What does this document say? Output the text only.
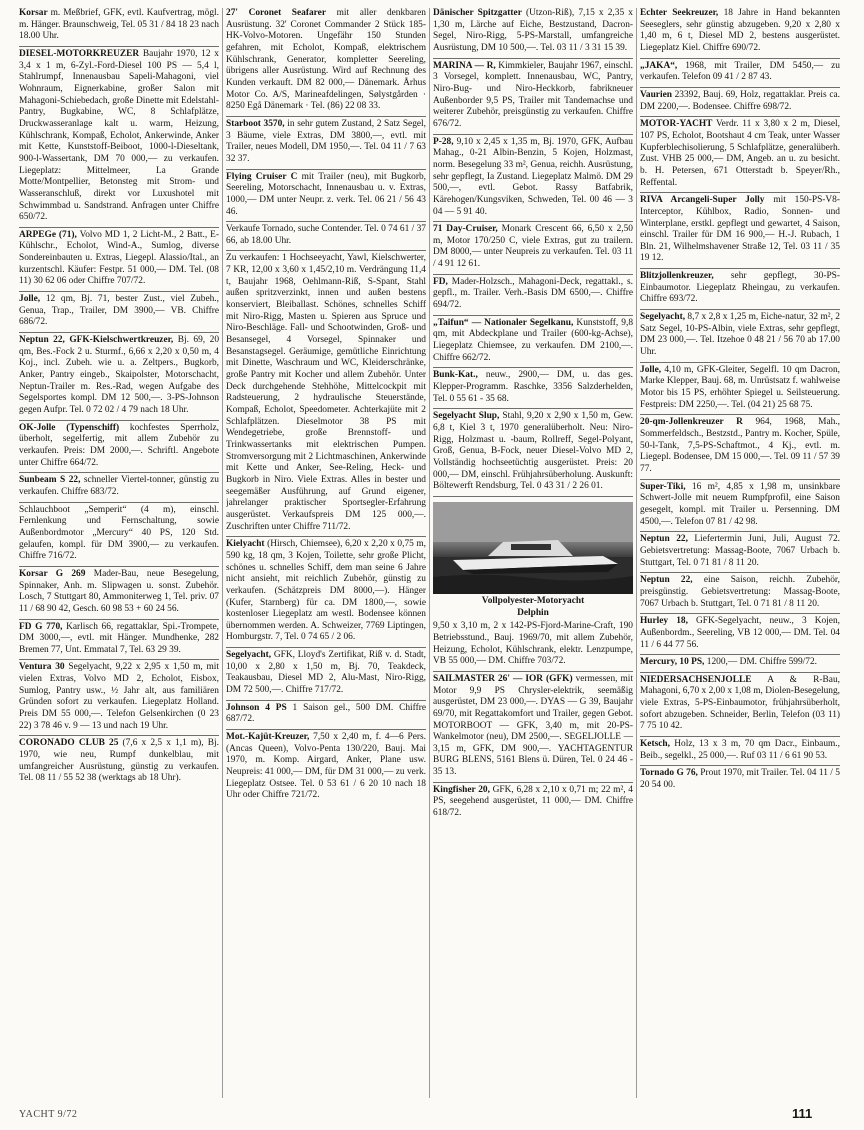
Korsar m. Meßbrief, GFK, evtl. Kaufvertrag, mögl. m. Hänger. Braunschweig, Tel. 05 31 / 84 18 23 nach 18.00 Uhr.
DIESEL-MOTORKREUZER Baujahr 1970, 12 x 3,4 x 1 m, 6-Zyl.-Ford-Diesel 100 PS — 5,4 l, Stahlrumpf, Innenausbau Sapeli-Mahagoni, viel Wohnraum, Eignerkabine, großer Salon mit Mahagoni-Schiebedach, große Dinette mit Edelstahl-Pantry, Bugkabine, WC, 8 Schlafplätze, Druckwasseranlage kalt u. warm, Heizung, Kühlschrank, Kompaß, Echolot, Ankerwinde, Anker mit Kette, Kunststoff-Beiboot, 1000-l-Dieseltank, 900-l-Wassertank, DM 70 000,— zu verkaufen. Liegeplatz: Mittelmeer, La Grande Motte/Montpellier, Betonsteg mit Strom- und Wasseranschluß, direkt vor Luxushotel mit Schwimmbad u. Sandstrand. Anfragen unter Chiffre 650/72.
ARPEGe (71), Volvo MD 1, 2 Licht-M., 2 Batt., E-Kühlschr., Echolot, Wind-A., Sumlog, diverse Sondereinbauten u. Extras, Liegepl. Alassio/Ital., an kurzentschl. Käufer: Festpr. 51 000,— DM. Tel. (08 11) 30 62 06 oder Chiffre 707/72.
Jolle, 12 qm, Bj. 71, bester Zust., viel Zubeh., Genua, Trap., Trailer, DM 3900,— VB. Chiffre 686/72.
Neptun 22, GFK-Kielschwertkreuzer, Bj. 69, 20 qm, Bes.-Fock 2 u. Sturmf., 6,66 x 2,20 x 0,50 m, 4 Koj., incl. Zubeh. wie u. a. Zeltpers., Bugkorb, Anker, Pantry eingeb., Skaipolster, Motorschacht, Neptun-Trailer m. Res.-Rad, wegen Aufgabe des Segelsportes kompl. DM 12 500,—. 3-PS-Johnson gegen Aufpr. Tel. 0 72 02 / 4 79 nach 18 Uhr.
OK-Jolle (Typenschiff) kochfestes Sperrholz, überholt, segelfertig, mit allem Zubehör zu verkaufen. Preis: DM 2000,—. Schriftl. Angebote unter Chiffre 664/72.
Sunbeam S 22, schneller Viertel-tonner, günstig zu verkaufen. Chiffre 683/72.
Schlauchboot „Semperit“ (4 m), einschl. Fernlenkung und Fernschaltung, sowie Außenbordmotor „Mercury“ 40 PS, 120 Std. gelaufen, kompl. für DM 3900,— zu verkaufen. Chiffre 716/72.
Korsar G 269 Mader-Bau, neue Besegelung, Spinnaker, Anh. m. Slipwagen u. sonst. Zubehör. Losch, 7 Stuttgart 80, Ammoniterweg 1, Tel. priv. 07 11 / 68 90 42, Gesch. 60 98 53 + 60 24 56.
FD G 770, Karlisch 66, regattaklar, Spi.-Trompete, DM 3000,—, evtl. mit Hänger. Mundhenke, 282 Bremen 77, Unt. Emmatal 7, Tel. 63 29 39.
Ventura 30 Segelyacht, 9,22 x 2,95 x 1,50 m, mit vielen Extras, Volvo MD 2, Echolot, Eisbox, Sumlog, Pantry usw., ½ Jahr alt, aus familiären Gründen sofort zu verkaufen. Liegeplatz Holland. Preis DM 55 000,—. Telefon Gelsenkirchen (0 23 22) 3 78 46 v. 9 — 13 und nach 19 Uhr.
CORONADO CLUB 25 (7,6 x 2,5 x 1,1 m), Bj. 1970, wie neu, Rumpf dunkelblau, mit umfangreicher Ausrüstung, günstig zu verkaufen. Tel. 08 11 / 55 52 38 (werktags ab 18 Uhr).
27' Coronet Seafarer mit aller denkbaren Ausrüstung. 32' Coronet Commander 2 Stück 185-HK-Volvo-Motoren. Ungefähr 150 Stunden gefahren, mit Echolot, Kompaß, elektrischem Kühlschrank, Generator, kompletter Seereling, übrigens aller Ausrüstung. Wird auf Rechnung des Kunden verkauft. DM 82 000,— Dänemark. Århus Motor Co. A/S, Marineafdelingen, Sølystgården · 8250 Egå Dänemark · Tel. (86) 22 08 33.
Starboot 3570, in sehr gutem Zustand, 2 Satz Segel, 3 Bäume, viele Extras, DM 3800,—, evtl. mit Trailer, neues Modell, DM 1950,—. Tel. 04 11 / 7 63 32 37.
Flying Cruiser C mit Trailer (neu), mit Bugkorb, Seereling, Motorschacht, Innenausbau u. v. Extras, 1000,— DM unter Neupr. z. verk. Tel. 06 21 / 56 43 46.
Verkaufe Tornado, suche Contender. Tel. 0 74 61 / 37 66, ab 18.00 Uhr.
Zu verkaufen: 1 Hochseeyacht, Yawl, Kielschwerter, 7 KR, 12,00 x 3,60 x 1,45/2,10 m. Verdrängung 11,4 t, Baujahr 1968, Oehlmann-Riß, S-Spant, Stahl außen spritzverzinkt, innen und außen bestens konserviert, Bleiballast. Schönes, schnelles Schiff mit Niro-Rigg, Masten u. Spieren aus Spruce und Niro-Beschläge. Fall- und Schootwinden, Groß- und Besansegel, 4 Vorsegel, Spinnaker und Besanstagsegel. Geräumige, gemütliche Einrichtung mit Dinette, Waschraum und WC, Kleiderschränke, große Pantry mit Kocher und allem Zubehör. Unter Deck durchgehende Stehhöhe, Mittelcockpit mit Radsteuerung, 2 hydraulische Steuerstände, Kompaß, Echolot, Speedometer. Achterkajüte mit 2 Schlafplätzen. Dieselmotor 38 PS mit Wendegetriebe, große Brennstoff- und Trinkwassertanks mit elektrischen Pumpen. Stromversorgung mit 2 Lichtmaschinen, Ankerwinde mit Kette und Anker, See-Reling, Heck- und Bugkorb in Niro. Viele Extras. Alles in bester und seegemäßer Ausführung, auf Grund eigener, jahrelanger praktischer Sportsegler-Erfahrung ausgerüstet. Verkaufspreis DM 125 000,—. Zuschriften unter Chiffre 711/72.
Kielyacht (Hirsch, Chiemsee), 6,20 x 2,20 x 0,75 m, 590 kg, 18 qm, 3 Kojen, Toilette, sehr große Plicht, schönes u. schnelles Schiff, dem man seine 6 Jahre nicht ansieht, mit reichlich Zubehör, günstig zu verkaufen. (Schätzpreis DM 8000,—). Hänger (Kufer, Starnberg) für ca. DM 1800,—, sowie kostenloser Liegeplatz am westl. Bodensee können übernommen werden. A. Schweizer, 7769 Liptingen, Homburgstr. 7, Tel. 0 74 65 / 2 06.
Segelyacht, GFK, Lloyd's Zertifikat, Riß v. d. Stadt, 10,00 x 2,80 x 1,50 m, Bj. 70, Teakdeck, Teakausbau, Diesel MD 2, Alu-Mast, Niro-Rigg, DM 72 500,—. Chiffre 717/72.
Johnson 4 PS 1 Saison gel., 500 DM. Chiffre 687/72.
Mot.-Kajüt-Kreuzer, 7,50 x 2,40 m, f. 4—6 Pers. (Ancas Queen), Volvo-Penta 130/220, Bauj. Mai 1970, m. Komp. Airgard, Anker, Plane usw. Neupreis: 41 000,— DM, für DM 31 000,— zu verk. Liegeplatz Ostsee. Tel. 0 53 61 / 6 20 10 nach 18 Uhr oder Chiffre 721/72.
Dänischer Spitzgatter (Utzon-Riß), 7,15 x 2,35 x 1,30 m, Lärche auf Eiche, Bestzustand, Dacron-Segel, Niro-Rigg, 5-PS-Marstall, umfangreiche Ausrüstung, DM 10 500,—. Tel. 03 11 / 3 31 15 39.
MARINA — R, Kimmkieler, Baujahr 1967, einschl. 3 Vorsegel, komplett. Innenausbau, WC, Pantry, Niro-Bug- und Niro-Heckkorb, fabrikneuer Außenborder 9,5 PS, Trailer mit Tandemachse und weiterer Zubehör, preisgünstig zu verkaufen. Chiffre 676/72.
P-28, 9,10 x 2,45 x 1,35 m, Bj. 1970, GFK, Aufbau Mahag., 0-21 Albin-Benzin, 5 Kojen, Holzmast, norm. Besegelung 33 m², Genua, reichh. Ausrüstung, sehr gepflegt, Ia Zustand. Liegeplatz Malmö. DM 29 500,—, evtl. Gebot. Rassy Batfabrik, Kärehogen/Kungsviken, Schweden, Tel. 00 46 — 3 04 — 5 91 40.
71 Day-Cruiser, Monark Crescent 66, 6,50 x 2,50 m, Motor 170/250 C, viele Extras, gut zu trailern. DM 8000,— unter Neupreis zu verkaufen. Tel. 03 11 / 4 91 12 61.
FD, Mader-Holzsch., Mahagoni-Deck, regattakl., s. gepfl., m. Trailer. Verh.-Basis DM 6500,—. Chiffre 694/72.
„Taifun“ — Nationaler Segelkanu, Kunststoff, 9,8 qm, mit Abdeckplane und Trailer (600-kg-Achse), Liegeplatz Chiemsee, zu verkaufen. DM 2100,—. Chiffre 662/72.
Bunk-Kat., neuw., 2900,— DM, u. das ges. Klepper-Programm. Raschke, 3356 Salzderhelden, Tel. 0 55 61 - 35 68.
Segelyacht Slup, Stahl, 9,20 x 2,90 x 1,50 m, Gew. 6,8 t, Kiel 3 t, 1970 generalüberholt. Neu: Niro-Rigg, Holzmast u. -baum, Rollreff, Segel-Polyant, Groß, Genua, B-Fock, neuer Diesel-Volvo MD 2, Vollständig hochseetüchtig ausgerüstet. Preis: 20 000,— DM, einschl. Frühjahrsüberholung. Auskunft: Böltewerft Rendsburg, Tel. 0 43 31 / 2 26 01.
Vollpolyester-Motoryacht
Delphin
9,50 x 3,10 m, 2 x 142-PS-Fjord-Marine-Craft, 190 Betriebsstund., Bauj. 1969/70, mit allem Zubehör, Heizung, Echolot, Kühlschrank, elektr. Lenzpumpe, VB 55 000,— DM. Chiffre 703/72.
SAILMASTER 26' — IOR (GFK) vermessen, mit Motor 9,9 PS Chrysler-elektrik, seemäßig ausgerüstet, DM 23 000,—. DYAS — G 39, Baujahr 69/70, mit Regattakomfort und Trailer, gegen Gebot. MOTORBOOT — GFK, 3,40 m, mit 20-PS-Wankelmotor (neu), DM 2500,—. SEGELJOLLE — 3,15 m, GFK, DM 900,—. YACHTAGENTUR BURG BLENS, 5161 Blens ü. Düren, Tel. 0 24 46 - 35 13.
Kingfisher 20, GFK, 6,28 x 2,10 x 0,71 m; 22 m², 4 PS, seegehend ausgerüstet, 11 000,— DM. Chiffre 618/72.
Echter Seekreuzer, 18 Jahre in Hand bekannten Seeseglers, sehr günstig abzugeben. 9,20 x 2,80 x 1,40 m, 6 t, Diesel MD 2, bestens ausgerüstet. Liegeplatz Kiel. Chiffre 690/72.
„JAKA“, 1968, mit Trailer, DM 5450,— zu verkaufen. Telefon 09 41 / 2 87 43.
Vaurien 23392, Bauj. 69, Holz, regattaklar. Preis ca. DM 2200,—. Bodensee. Chiffre 698/72.
MOTOR-YACHT Verdr. 11 x 3,80 x 2 m, Diesel, 107 PS, Echolot, Bootshaut 4 cm Teak, unter Wasser Kupferblechisolierung, 5 Schlafplätze, generalüberh. Zust. VHB 25 000,— DM, Angeb. an u. zu besicht. b. H. Petersen, 671 Otterstadt b. Speyer/Rh., Reffental.
RIVA Arcangeli-Super Jolly mit 150-PS-V8-Interceptor, Kühlbox, Radio, Sonnen- und Winterplane, erstkl. gepflegt und gewartet, 4 Saison, einschl. Trailer für DM 16 900,— H.-J. Rubach, 1 Bln. 21, Wilhelmshavener Straße 12, Tel. 03 11 / 35 19 12.
Blitzjollenkreuzer, sehr gepflegt, 30-PS-Einbaumotor. Liegeplatz Rheingau, zu verkaufen. Chiffre 693/72.
Segelyacht, 8,7 x 2,8 x 1,25 m, Eiche-natur, 32 m², 2 Satz Segel, 10-PS-Albin, viele Extras, sehr gepflegt, DM 23 000,—. Tel. Itzehoe 0 48 21 / 56 70 ab 17.00 Uhr.
Jolle, 4,10 m, GFK-Gleiter, Segelfl. 10 qm Dacron, Marke Klepper, Bauj. 68, m. Unrüstsatz f. wahlweise Motor bis 15 PS, erhöhter Spiegel u. Seilsteuerung. Festpreis: DM 2250,—. Tel. (04 21) 25 68 75.
20-qm-Jollenkreuzer R 964, 1968, Mah., Sommerfeldsch., Bestzstd., Pantry m. Kocher, Spüle, 50-l-Tank, 7,5-PS-Schaftmot., 4 Kj., evtl. m. Liegepl. Bodensee, DM 15 000,—. Tel. 09 11 / 57 39 77.
Super-Tiki, 16 m², 4,85 x 1,98 m, unsinkbare Schwert-Jolle mit neuem Rumpfprofil, eine Saison gesegelt, kompl. mit Trailer u. Persenning. DM 4500,—. Telefon 07 81 / 42 98.
Neptun 22, Liefertermin Juni, Juli, August 72. Gebietsvertretung: Massag-Boote, 7067 Urbach b. Stuttgart, Tel. 0 71 81 / 8 11 20.
Neptun 22, eine Saison, reichh. Zubehör, preisgünstig. Gebietsvertretung: Massag-Boote, 7067 Urbach b. Stuttgart, Tel. 0 71 81 / 8 11 20.
Hurley 18, GFK-Segelyacht, neuw., 3 Kojen, Außenbordm., Seereling, VB 12 000,— DM. Tel. 04 11 / 6 44 77 56.
Mercury, 10 PS, 1200,— DM. Chiffre 599/72.
NIEDERSACHSENJOLLE A & R-Bau, Mahagoni, 6,70 x 2,00 x 1,08 m, Diolen-Besegelung, viele Extras, 5-PS-Einbaumotor, frühjahrsüberholt, sofort abzugeben. Schneider, Berlin, Telefon (03 11) 7 75 10 42.
Ketsch, Holz, 13 x 3 m, 70 qm Dacr., Einbaum., Beib., segelkl., 25 000,—. Ruf 03 11 / 6 61 90 53.
Tornado G 76, Prout 1970, mit Trailer. Tel. 04 11 / 5 20 54 00.
YACHT 9/72	111
